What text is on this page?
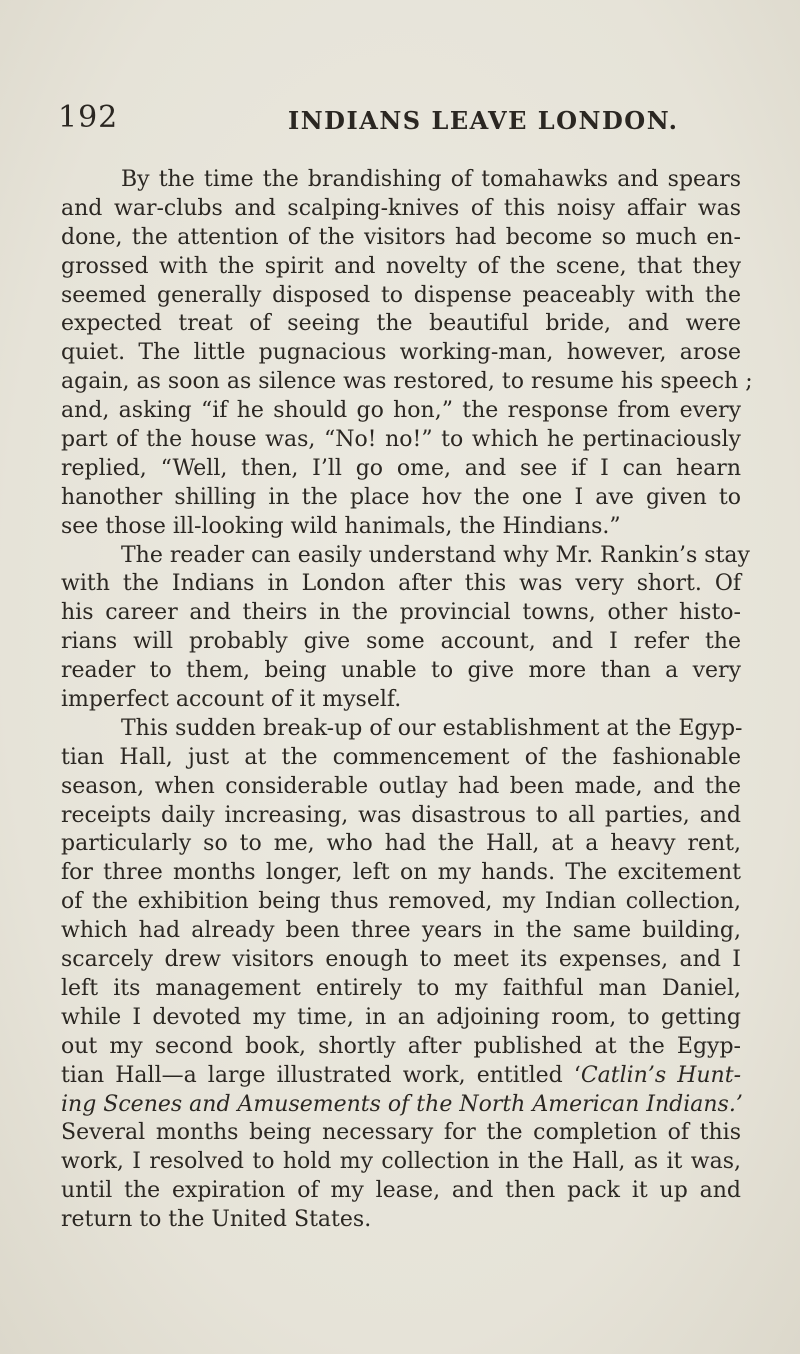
192	INDIANS LEAVE LONDON.
By the time the brandishing of tomahawks and spears
and war-clubs and scalping-knives of this noisy affair was
done, the attention of the visitors had become so much en-
grossed with the spirit and novelty of the scene, that they
seemed generally disposed to dispense peaceably with the
expected treat of seeing the beautiful bride, and were
quiet. The little pugnacious working-man, however, arose
again, as soon as silence was restored, to resume his speech ;
and, asking “if he should go hon,” the response from every
part of the house was, “No! no!” to which he pertinaciously
replied, “Well, then, I’ll go ome, and see if I can hearn
hanother shilling in the place hov the one I ave given to
see those ill-looking wild hanimals, the Hindians.”
The reader can easily understand why Mr. Rankin’s stay
with the Indians in London after this was very short. Of
his career and theirs in the provincial towns, other histo-
rians will probably give some account, and I refer the
reader to them, being unable to give more than a very
imperfect account of it myself.
This sudden break-up of our establishment at the Egyp-
tian Hall, just at the commencement of the fashionable
season, when considerable outlay had been made, and the
receipts daily increasing, was disastrous to all parties, and
particularly so to me, who had the Hall, at a heavy rent,
for three months longer, left on my hands. The excitement
of the exhibition being thus removed, my Indian collection,
which had already been three years in the same building,
scarcely drew visitors enough to meet its expenses, and I
left its management entirely to my faithful man Daniel,
while I devoted my time, in an adjoining room, to getting
out my second book, shortly after published at the Egyp-
tian Hall—a large illustrated work, entitled ‘Catlin’s Hunt-
ing Scenes and Amusements of the North American Indians.’
Several months being necessary for the completion of this
work, I resolved to hold my collection in the Hall, as it was,
until the expiration of my lease, and then pack it up and
return to the United States.
